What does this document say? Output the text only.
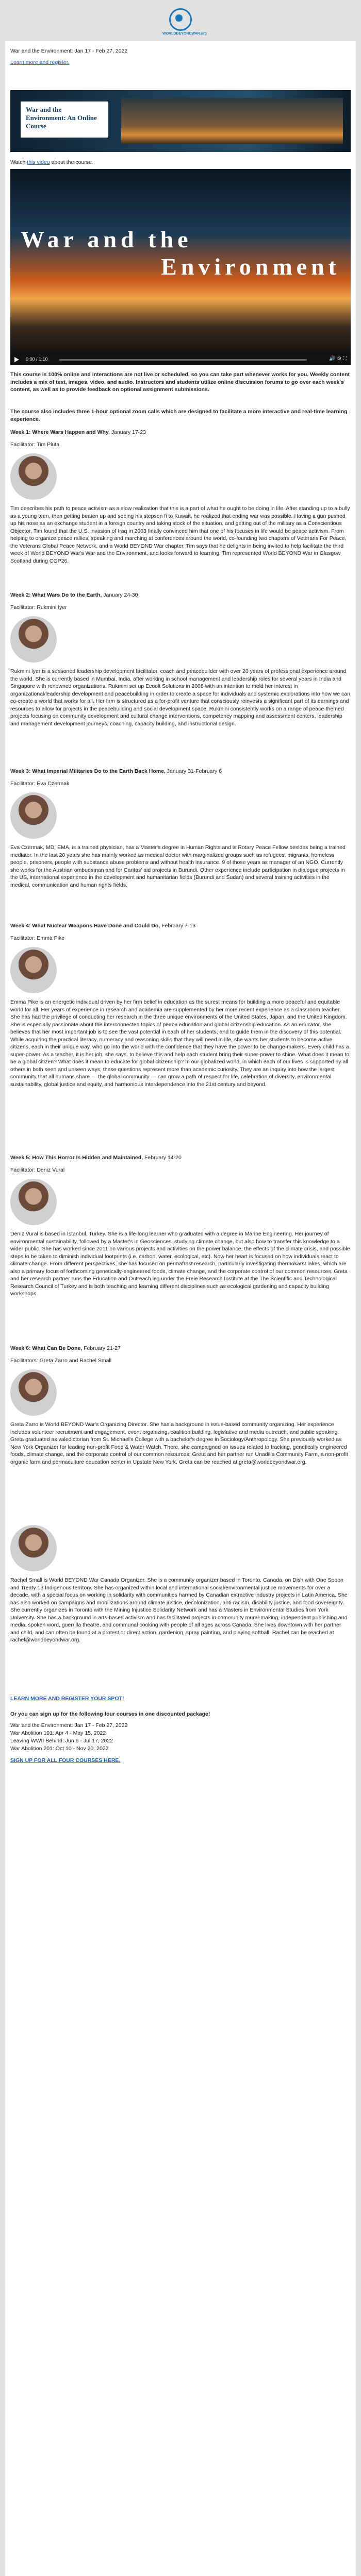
WORLDBEYONDWAR.org

War and the Environment: Jan 17 - Feb 27, 2022

Learn more and register.

War and the Environment: An Online Course

Watch this video about the course.

War and the
Environment
0:00 / 1:10	🔊 ⚙ ⛶

This course is 100% online and interactions are not live or scheduled, so you can take part whenever works for you. Weekly content includes a mix of text, images, video, and audio. Instructors and students utilize online discussion forums to go over each week's content, as well as to provide feedback on optional assignment submissions.

The course also includes three 1-hour optional zoom calls which are designed to facilitate a more interactive and real-time learning experience.

Week 1: Where Wars Happen and Why, January 17-23

Facilitator: Tim Pluta

Tim describes his path to peace activism as a slow realization that this is a part of what he ought to be doing in life. After standing up to a bully as a young teen, then getting beaten up and seeing his stepson fi to Kuwait, he realized that ending war was possible. Having a gun pushed up his nose as an exchange student in a foreign country and taking stock of the situation, and getting out of the military as a Conscientious Objector, Tim found that the U.S. invasion of Iraq in 2003 finally convinced him that one of his focuses in life would be peace activism. From helping to organize peace rallies, speaking and marching at conferences around the world, co-founding two chapters of Veterans For Peace, the Veterans Global Peace Network, and a World BEYOND War chapter, Tim says that he delights in being invited to help facilitate the third week of World BEYOND War's War and the Environment, and looks forward to learning. Tim represented World BEYOND War in Glasgow Scotland during COP26.

Week 2: What Wars Do to the Earth, January 24-30

Facilitator: Rukmini Iyer

Rukmini Iyer is a seasoned leadership development facilitator, coach and peacebuilder with over 20 years of professional experience around the world. She is currently based in Mumbai, India, after working in school management and leadership roles for several years in India and Singapore with renowned organizations. Rukmini set up Ecoolt Solutions in 2008 with an intention to meld her interest in organizational/leadership development and peacebuilding in order to create a space for individuals and systemic explorations into how we can co-create a world that works for all. Her firm is structured as a for-profit venture that consciously reinvests a significant part of its earnings and resources to allow for projects in the peacebuilding and social development space. Rukmini consistently works on a range of peace-themed projects focusing on community development and cultural change interventions, competency mapping and assessment centers, leadership and management development journeys, coaching, capacity building, and instructional design.

Week 3: What Imperial Militaries Do to the Earth Back Home, January 31-February 6

Facilitator: Eva Czermak

Eva Czermak, MD, EMA, is a trained physician, has a Master's degree in Human Rights and is Rotary Peace Fellow besides being a trained mediator. In the last 20 years she has mainly worked as medical doctor with marginalized groups such as refugees, migrants, homeless people, prisoners, people with substance abuse problems and without health insurance. 9 of those years as manager of an NGO. Currently she works for the Austrian ombudsman and for Caritas' aid projects in Burundi. Other experience include participation in dialogue projects in the US, international experience in the development and humanitarian fields (Burundi and Sudan) and several training activities in the medical, communication and human rights fields.

Week 4: What Nuclear Weapons Have Done and Could Do, February 7-13

Facilitator: Emma Pike

Emma Pike is an energetic individual driven by her firm belief in education as the surest means for building a more peaceful and equitable world for all. Her years of experience in research and academia are supplemented by her more recent experience as a classroom teacher. She has had the privilege of conducting her research in the three unique environments of the United States, Japan, and the United Kingdom. She is especially passionate about the interconnected topics of peace education and global citizenship education. As an educator, she believes that her most important job is to see the vast potential in each of her students, and to guide them in the discovery of this potential. While acquiring the practical literacy, numeracy and reasoning skills that they will need in life, she wants her students to become active citizens, each in their unique way, who go into the world with the confidence that they have the power to be change-makers. Every child has a super-power. As a teacher, it is her job, she says, to believe this and help each student bring their super-power to shine. What does it mean to be a global citizen? What does it mean to educate for global citizenship? In our globalized world, in which each of our lives is supported by all others in both seen and unseen ways, these questions represent more than academic curiosity. They are an inquiry into how the largest community that all humans share — the global community — can grow a path of respect for life, celebration of diversity, environmental sustainability, global justice and equity, and harmonious interdependence into the 21st century and beyond.

Week 5: How This Horror Is Hidden and Maintained, February 14-20

Facilitator: Deniz Vural

Deniz Vural is based in Istanbul, Turkey. She is a life-long learner who graduated with a degree in Marine Engineering. Her journey of environmental sustainability, followed by a Master's in Geosciences, studying climate change, but also how to transfer this knowledge to a wider public. She has worked since 2011 on various projects and activities on the power balance, the effects of the climate crisis, and possible steps to be taken to diminish individual footprints (i.e. carbon, water, ecological, etc). Now her heart is focused on how individuals react to climate change. From different perspectives, she has focused on permafrost research, particularly investigating thermokarst lakes, which are also a primary focus of forthcoming genetically-engineered foods, climate change, and the corporate control of our common resources. Greta and her research partner runs the Education and Outreach leg under the Freie Research Institute at the The Scientific and Technological Research Council of Turkey and is both teaching and learning different disciplines such as ecological gardening and capacity building workshops.

Week 6: What Can Be Done, February 21-27

Facilitators: Greta Zarro and Rachel Small

Greta Zarro is World BEYOND War's Organizing Director. She has a background in issue-based community organizing. Her experience includes volunteer recruitment and engagement, event organizing, coalition building, legislative and media outreach, and public speaking. Greta graduated as valedictorian from St. Michael's College with a bachelor's degree in Sociology/Anthropology. She previously worked as New York Organizer for leading non-profit Food & Water Watch. There, she campaigned on issues related to fracking, genetically engineered foods, climate change, and the corporate control of our common resources. Greta and her partner run Unadilla Community Farm, a non-profit organic farm and permaculture education center in Upstate New York. Greta can be reached at greta@worldbeyondwar.org.

Rachel Small is World BEYOND War Canada Organizer. She is a community organizer based in Toronto, Canada, on Dish with One Spoon and Treaty 13 Indigenous territory. She has organized within local and international social/environmental justice movements for over a decade, with a special focus on working in solidarity with communities harmed by Canadian extractive industry projects in Latin America. She has also worked on campaigns and mobilizations around climate justice, decolonization, anti-racism, disability justice, and food sovereignty. She currently organizes in Toronto with the Mining Injustice Solidarity Network and has a Masters in Environmental Studies from York University. She has a background in arts-based activism and has facilitated projects in community mural-making, independent publishing and media, spoken word, guerrilla theatre, and communal cooking with people of all ages across Canada. She lives downtown with her partner and child, and can often be found at a protest or direct action, gardening, spray painting, and playing softball. Rachel can be reached at rachel@worldbeyondwar.org.

LEARN MORE AND REGISTER YOUR SPOT!

Or you can sign up for the following four courses in one discounted package!

War and the Environment: Jan 17 - Feb 27, 2022

War Abolition 101: Apr 4 - May 15, 2022

Leaving WWII Behind: Jun 6 - Jul 17, 2022

War Abolition 201: Oct 10 - Nov 20, 2022

SIGN UP FOR ALL FOUR COURSES HERE.
